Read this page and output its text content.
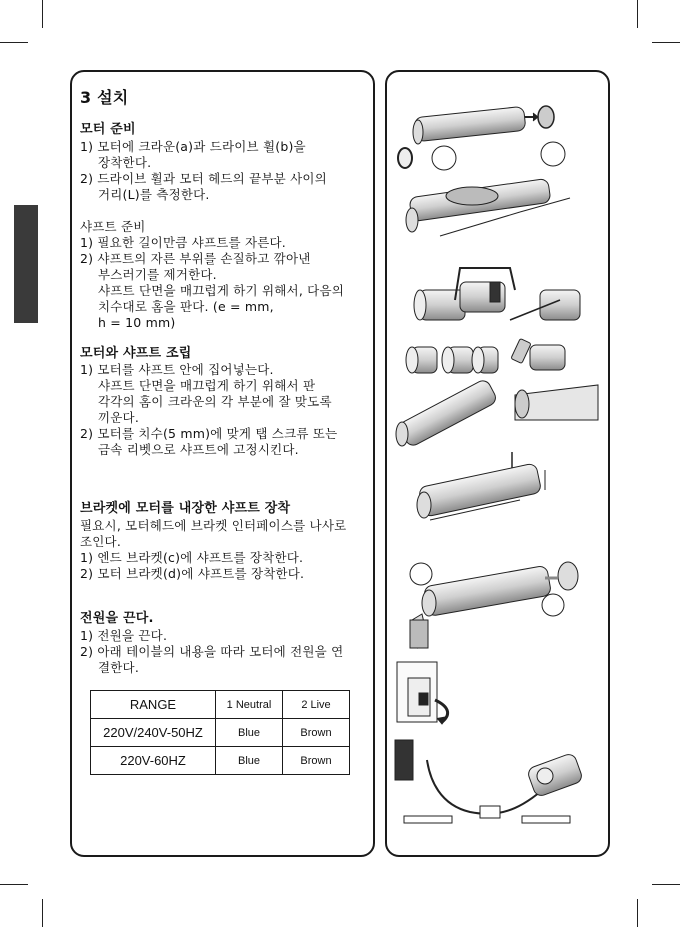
3 설치
모터 준비
1) 모터에 크라운(a)과 드라이브 휠(b)을
장착한다.
2) 드라이브 휠과 모터 헤드의 끝부분 사이의
거리(L)를 측정한다.
샤프트 준비
1) 필요한 길이만큼 샤프트를 자른다.
2) 샤프트의 자른 부위를 손질하고 깎아낸
부스러기를 제거한다.
샤프트 단면을 매끄럽게 하기 위해서, 다음의
치수대로 홈을 판다. (e = mm,
h = 10 mm)
모터와 샤프트 조립
1) 모터를 샤프트 안에 집어넣는다.
샤프트 단면을 매끄럽게 하기 위해서 판
각각의 홈이 크라운의 각 부분에 잘 맞도록
끼운다.
2) 모터를 치수(5 mm)에 맞게 탭 스크류 또는
금속 리벳으로 샤프트에 고정시킨다.
브라켓에 모터를 내장한 샤프트 장착
필요시, 모터헤드에 브라켓 인터페이스를 나사로
조인다.
1) 엔드 브라켓(c)에 샤프트를 장착한다.
2) 모터 브라켓(d)에 샤프트를 장착한다.
전원을 끈다.
1) 전원을 끈다.
2) 아래 테이블의 내용을 따라 모터에 전원을 연
결한다.
RANGE	1 Neutral	2 Live
220V/240V-50HZ	Blue	Brown
220V-60HZ	Blue	Brown
